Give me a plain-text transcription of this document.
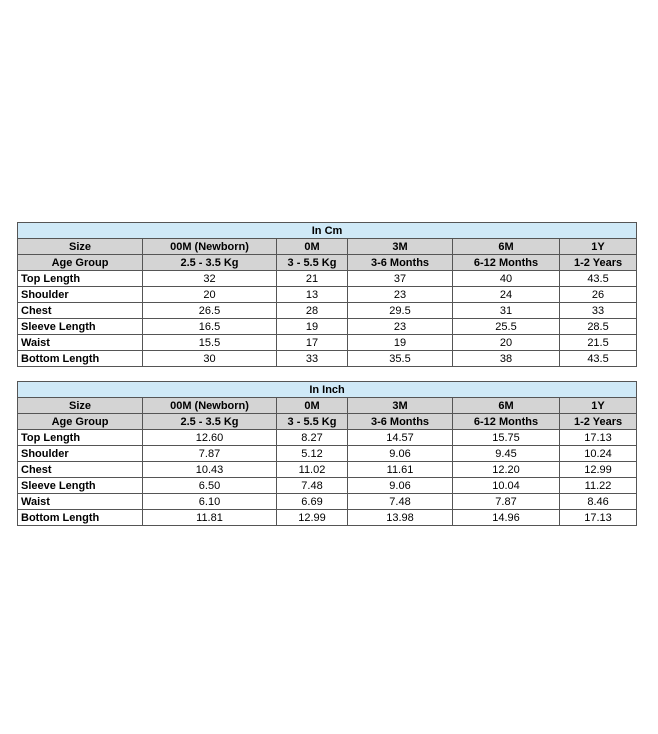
In Cm					
Size	00M (Newborn)	0M	3M	6M	1Y
Age Group	2.5 - 3.5 Kg	3 - 5.5 Kg	3-6 Months	6-12 Months	1-2 Years
Top Length	32	21	37	40	43.5
Shoulder	20	13	23	24	26
Chest	26.5	28	29.5	31	33
Sleeve Length	16.5	19	23	25.5	28.5
Waist	15.5	17	19	20	21.5
Bottom Length	30	33	35.5	38	43.5
In Inch					
Size	00M (Newborn)	0M	3M	6M	1Y
Age Group	2.5 - 3.5 Kg	3 - 5.5 Kg	3-6 Months	6-12 Months	1-2 Years
Top Length	12.60	8.27	14.57	15.75	17.13
Shoulder	7.87	5.12	9.06	9.45	10.24
Chest	10.43	11.02	11.61	12.20	12.99
Sleeve Length	6.50	7.48	9.06	10.04	11.22
Waist	6.10	6.69	7.48	7.87	8.46
Bottom Length	11.81	12.99	13.98	14.96	17.13
